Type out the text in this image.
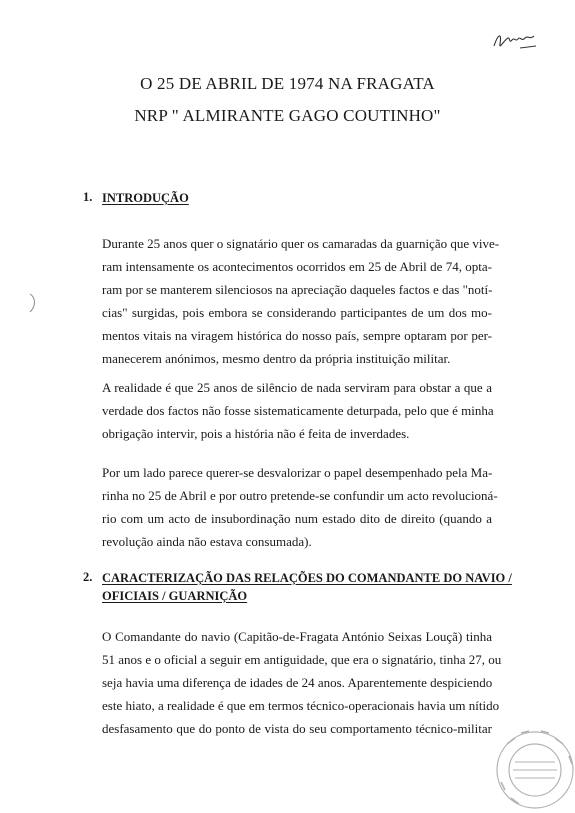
O 25 DE ABRIL DE 1974 NA FRAGATA
NRP " ALMIRANTE GAGO COUTINHO"
1. INTRODUÇÃO

Durante 25 anos quer o signatário quer os camaradas da guarnição que vive-
ram intensamente os acontecimentos ocorridos em 25 de Abril de 74, opta-
ram por se manterem silenciosos na apreciação daqueles factos e das "notí-
cias" surgidas, pois embora se considerando participantes de um dos mo-
mentos vitais na viragem histórica do nosso país, sempre optaram por per-
manecerem anónimos, mesmo dentro da própria instituição militar.

A realidade é que 25 anos de silêncio de nada serviram para obstar a que a
verdade dos factos não fosse sistematicamente deturpada, pelo que é minha
obrigação intervir, pois a história não é feita de inverdades.

Por um lado parece querer-se desvalorizar o papel desempenhado pela Ma-
rinha no 25 de Abril e por outro pretende-se confundir um acto revolucioná-
rio com um acto de insubordinação num estado dito de direito (quando a
revolução ainda não estava consumada).

2. CARACTERIZAÇÃO DAS RELAÇÕES DO COMANDANTE DO NAVIO /
OFICIAIS / GUARNIÇÃO

O Comandante do navio (Capitão-de-Fragata António Seixas Louçã) tinha
51 anos e o oficial a seguir em antiguidade, que era o signatário, tinha 27, ou
seja havia uma diferença de idades de 24 anos. Aparentemente despiciendo
este hiato, a realidade é que em termos técnico-operacionais havia um nítido
desfasamento que do ponto de vista do seu comportamento técnico-militar
